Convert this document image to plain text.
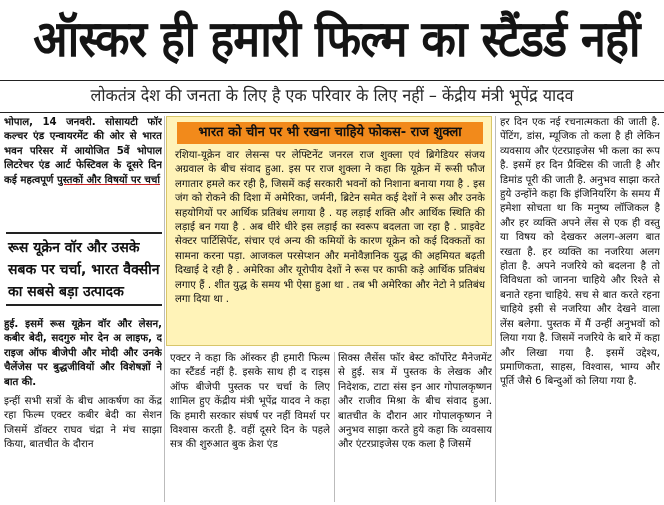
ऑस्कर ही हमारी फिल्म का स्टैंडर्ड नहीं
लोकतंत्र देश की जनता के लिए है एक परिवार के लिए नहीं – केंद्रीय मंत्री भूपेंद्र यादव
भोपाल, 14 जनवरी. सोसायटी फॉर कल्चर एंड एन्वायरमेंट की ओर से भारत भवन परिसर में आयोजित 5वें भोपाल लिटरेचर एंड आर्ट फेस्टिवल के दूसरे दिन कई महत्वपूर्ण पुस्तकों और विषयों पर चर्चा
रूस यूक्रेन वॉर और उसके सबक पर चर्चा, भारत वैक्सीन का सबसे बड़ा उत्पादक
हुई. इसमें रूस यूक्रेन वॉर और लेसन, कबीर बेदी, सदगुरु मोर देन अ लाइफ, द राइज ऑफ बीजेपी और मोदी और उनके चैलेंजेस पर बुद्धजीवियों और विशेषज्ञों ने बात की.
इन्हीं सभी सत्रों के बीच आकर्षण का केंद्र रहा फिल्म एक्टर कबीर बेदी का सेशन जिसमें डॉक्टर राघव चंद्रा ने मंच साझा किया, बातचीत के दौरान
भारत को चीन पर भी रखना चाहिये फोकस- राज शुक्ला
रशिया-यूक्रेन वार लेसन्स पर लेफ्टिनेंट जनरल राज शुक्ला एवं ब्रिगेडियर संजय अग्रवाल के बीच संवाद हुआ. इस पर राज शुक्ला ने कहा कि यूक्रेन में रूसी फौज लगातार हमले कर रही है, जिसमें कई सरकारी भवनों को निशाना बनाया गया है . इस जंग को रोकने की दिशा में अमेरिका, जर्मनी, ब्रिटेन समेत कई देशों ने रूस और उनके सहयोगियों पर आर्थिक प्रतिबंध लगाया है . यह लड़ाई शक्ति और आर्थिक स्थिति की लड़ाई बन गया है . अब धीरे धीरे इस लड़ाई का स्वरूप बदलता जा रहा है . प्राइवेट सेक्टर पार्टिसिपेंट, संचार एवं अन्य की कमियों के कारण यूक्रेन को कई दिक्कतों का सामना करना पड़ा. आजकल परसेप्शन और मनोवैज्ञानिक युद्ध की अहमियत बढ़ती दिखाई दे रही है . अमेरिका और यूरोपीय देशों ने रूस पर काफी कड़े आर्थिक प्रतिबंध लगाए हैं . शीत युद्ध के समय भी ऐसा हुआ था . तब भी अमेरिका और नेटो ने प्रतिबंध लगा दिया था .
एक्टर ने कहा कि ऑस्कर ही हमारी फिल्म का स्टैंडर्ड नहीं है. इसके साथ ही द राइस ऑफ बीजेपी पुस्तक पर चर्चा के लिए शामिल हुए केंद्रीय मंत्री भूपेंद्र यादव ने कहा कि हमारी सरकार संघर्ष पर नहीं विमर्श पर विश्वास करती है. वहीं दूसरे दिन के पहले सत्र की शुरुआत बुक क्रेश एंड
सिक्स लैसेंस फॉर बेस्ट कॉर्पोरेट मैनेजमेंट से हुई. सत्र में पुस्तक के लेखक और निदेशक, टाटा संस इन आर गोपालकृष्णन और राजीव मिश्रा के बीच संवाद हुआ. बातचीत के दौरान आर गोपालकृष्णन ने अनुभव साझा करते हुये कहा कि व्यवसाय और एंटरप्राइजेस एक कला है जिसमें
हर दिन एक नई रचनात्मकता की जाती है. पेंटिंग, डांस, म्यूजिक तो कला है ही लेकिन व्यवसाय और एंटरप्राइजेस भी कला का रूप है. इसमें हर दिन प्रैक्टिस की जाती है और डिमांड पूरी की जाती है. अनुभव साझा करते हुये उन्होंने कहा कि इंजिनियरिंग के समय मैं हमेशा सोचता था कि मनुष्य लॉजिकल है और हर व्यक्ति अपने लेंस से एक ही वस्तु या विषय को देखकर अलग-अलग बात रखता है. हर व्यक्ति का नजरिया अलग होता है. अपने नजरिये को बदलना है तो विविधता को जानना चाहिये और रिश्ते से बनाते रहना चाहिये. सच से बात करते रहना चाहिये इसी से नजरिया और देखने वाला लेंस बलेगा. पुस्तक में मैं उन्हीं अनुभवों को लिया गया है. जिसमें नजरिये के बारे में कहा और लिखा गया है. इसमें उद्देश्य, प्रमाणिकता, साहस, विश्वास, भाग्य और पूर्ति जैसे 6 बिन्दुओं को लिया गया है.
